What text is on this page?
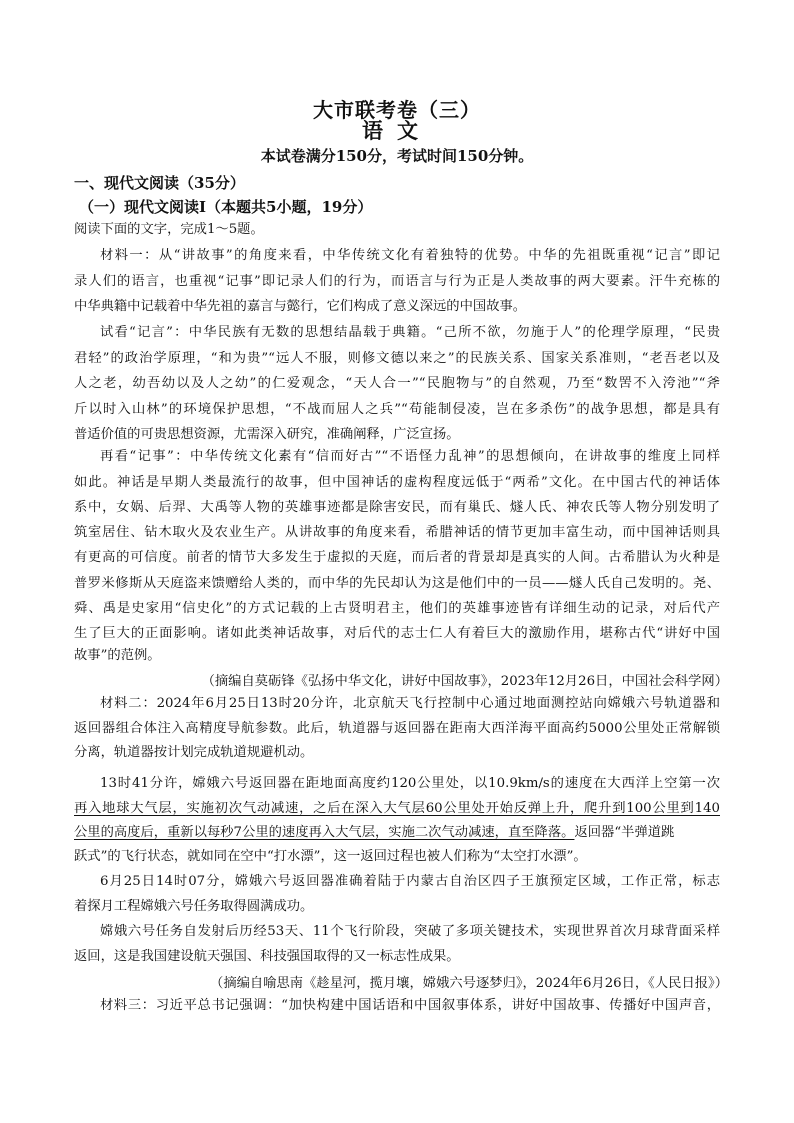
大市联考卷（三）
语文
本试卷满分150分，考试时间150分钟。
一、现代文阅读（35分）
（一）现代文阅读Ⅰ（本题共5小题，19分）
阅读下面的文字，完成1～5题。
材料一：从“讲故事”的角度来看，中华传统文化有着独特的优势。中华的先祖既重视“记言”即记
录人们的语言，也重视“记事”即记录人们的行为，而语言与行为正是人类故事的两大要素。汗牛充栋的
中华典籍中记载着中华先祖的嘉言与懿行，它们构成了意义深远的中国故事。
试看“记言”：中华民族有无数的思想结晶载于典籍。“己所不欲，勿施于人”的伦理学原理，“民贵
君轻”的政治学原理，“和为贵”“远人不服，则修文德以来之”的民族关系、国家关系准则，“老吾老以及
人之老，幼吾幼以及人之幼”的仁爱观念，“天人合一”“民胞物与”的自然观，乃至“数罟不入洿池”“斧
斤以时入山林”的环境保护思想，“不战而屈人之兵”“苟能制侵凌，岂在多杀伤”的战争思想，都是具有
普适价值的可贵思想资源，尤需深入研究，准确阐释，广泛宣扬。
再看“记事”：中华传统文化素有“信而好古”“不语怪力乱神”的思想倾向，在讲故事的维度上同样
如此。神话是早期人类最流行的故事，但中国神话的虚构程度远低于“两希”文化。在中国古代的神话体
系中，女娲、后羿、大禹等人物的英雄事迹都是除害安民，而有巢氏、燧人氏、神农氏等人物分别发明了
筑室居住、钻木取火及农业生产。从讲故事的角度来看，希腊神话的情节更加丰富生动，而中国神话则具
有更高的可信度。前者的情节大多发生于虚拟的天庭，而后者的背景却是真实的人间。古希腊认为火种是
普罗米修斯从天庭盗来馈赠给人类的，而中华的先民却认为这是他们中的一员——燧人氏自己发明的。尧、
舜、禹是史家用“信史化”的方式记载的上古贤明君主，他们的英雄事迹皆有详细生动的记录，对后代产
生了巨大的正面影响。诸如此类神话故事，对后代的志士仁人有着巨大的激励作用，堪称古代“讲好中国
故事”的范例。
（摘编自莫砺锋《弘扬中华文化，讲好中国故事》，2023年12月26日，中国社会科学网）
材料二：2024年6月25日13时20分许，北京航天飞行控制中心通过地面测控站向嫦娥六号轨道器和
返回器组合体注入高精度导航参数。此后，轨道器与返回器在距南大西洋海平面高约5000公里处正常解锁
分离，轨道器按计划完成轨道规避机动。
13时41分许，嫦娥六号返回器在距地面高度约120公里处，以10.9km/s的速度在大西洋上空第一次
再入地球大气层，实施初次气动减速，之后在深入大气层60公里处开始反弹上升，爬升到100公里到140
公里的高度后，重新以每秒7公里的速度再入大气层，实施二次气动减速，直至降落。返回器“半弹道跳
跃式”的飞行状态，就如同在空中“打水漂”，这一返回过程也被人们称为“太空打水漂”。
6月25日14时07分，嫦娥六号返回器准确着陆于内蒙古自治区四子王旗预定区域，工作正常，标志
着探月工程嫦娥六号任务取得圆满成功。
嫦娥六号任务自发射后历经53天、11个飞行阶段，突破了多项关键技术，实现世界首次月球背面采样
返回，这是我国建设航天强国、科技强国取得的又一标志性成果。
（摘编自喻思南《趁星河，揽月壤，嫦娥六号逐梦归》，2024年6月26日，《人民日报》）
材料三：习近平总书记强调：“加快构建中国话语和中国叙事体系，讲好中国故事、传播好中国声音，
